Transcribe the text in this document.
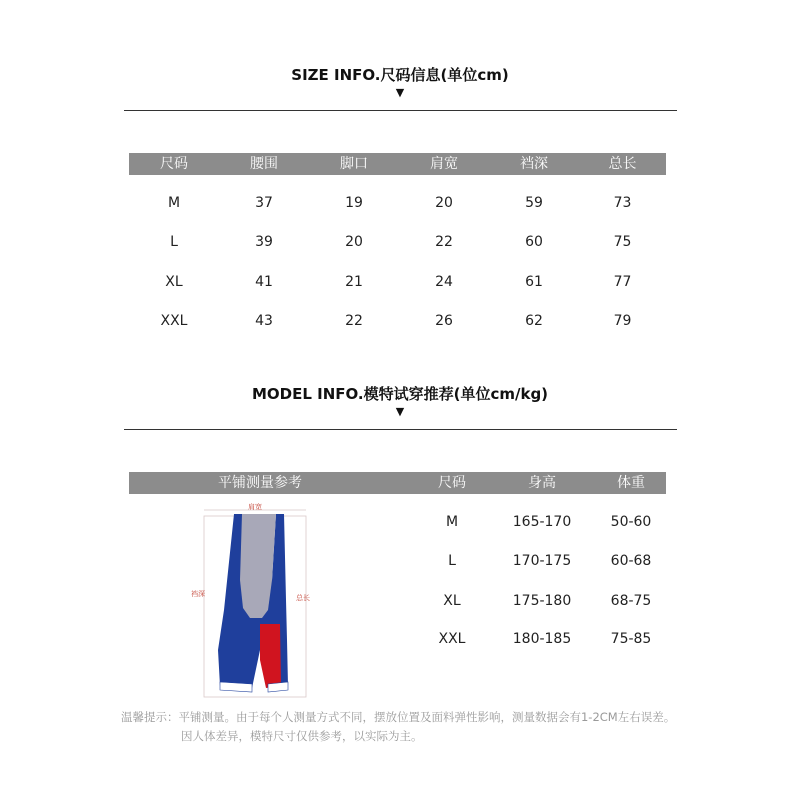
SIZE INFO.尺码信息(单位cm)
▼
尺码	腰围	脚口	肩宽	裆深	总长
M	37	19	20	59	73
L	39	20	22	60	75
XL	41	21	24	61	77
XXL	43	22	26	62	79
MODEL INFO.模特试穿推荐(单位cm/kg)
▼
平铺测量参考	尺码	身高	体重
肩宽
裆深	总长
M	165-170	50-60
L	170-175	60-68
XL	175-180	68-75
XXL	180-185	75-85
温馨提示：平铺测量。由于每个人测量方式不同，摆放位置及面料弹性影响，测量数据会有1-2CM左右误差。
因人体差异，模特尺寸仅供参考，以实际为主。
